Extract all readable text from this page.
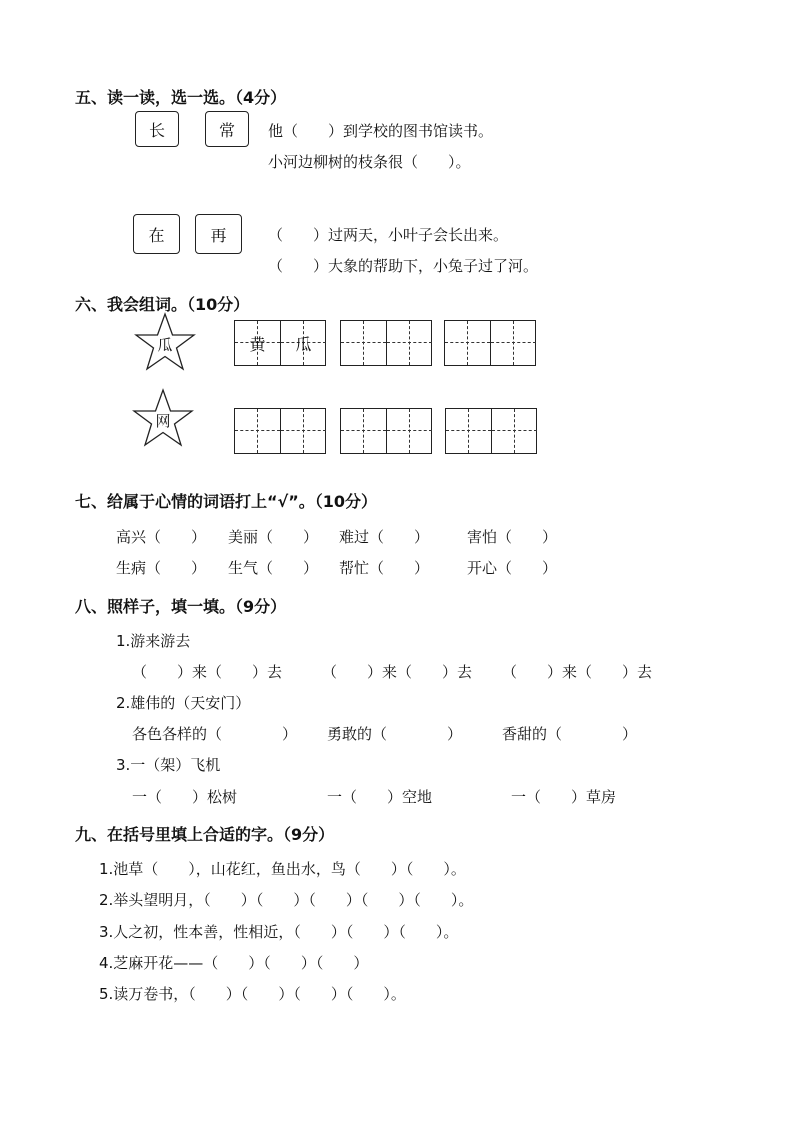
五、读一读，选一选。（4分）
长	常	他（　　）到学校的图书馆读书。
小河边柳树的枝条很（　　）。
在	再	（　　）过两天，小叶子会长出来。
（　　）大象的帮助下，小兔子过了河。
六、我会组词。（10分）
瓜
网
黄	瓜
七、给属于心情的词语打上“√”。（10分）
高兴（　　） 美丽（　　） 难过（　　）	害怕（　　）
生病（　　） 生气（　　） 帮忙（　　）	开心（　　）
八、照样子，填一填。（9分）
1.游来游去
（　　）来（　　）去	（　　）来（　　）去 （　　）来（　　）去
2.雄伟的（天安门）
各色各样的（　　　　） 勇敢的（　　　　）	香甜的（　　　　）
3.一（架）飞机
一（　　）松树	一（　　）空地	一（　　）草房
九、在括号里填上合适的字。（9分）
1.池草（　　），山花红，鱼出水，鸟（　　）（　　）。
2.举头望明月，（　　）（　　）（　　）（　　）（　　）。
3.人之初，性本善，性相近，（　　）（　　）（　　）。
4.芝麻开花——（　　）（　　）（　　）
5.读万卷书，（　　）（　　）（　　）（　　）。
